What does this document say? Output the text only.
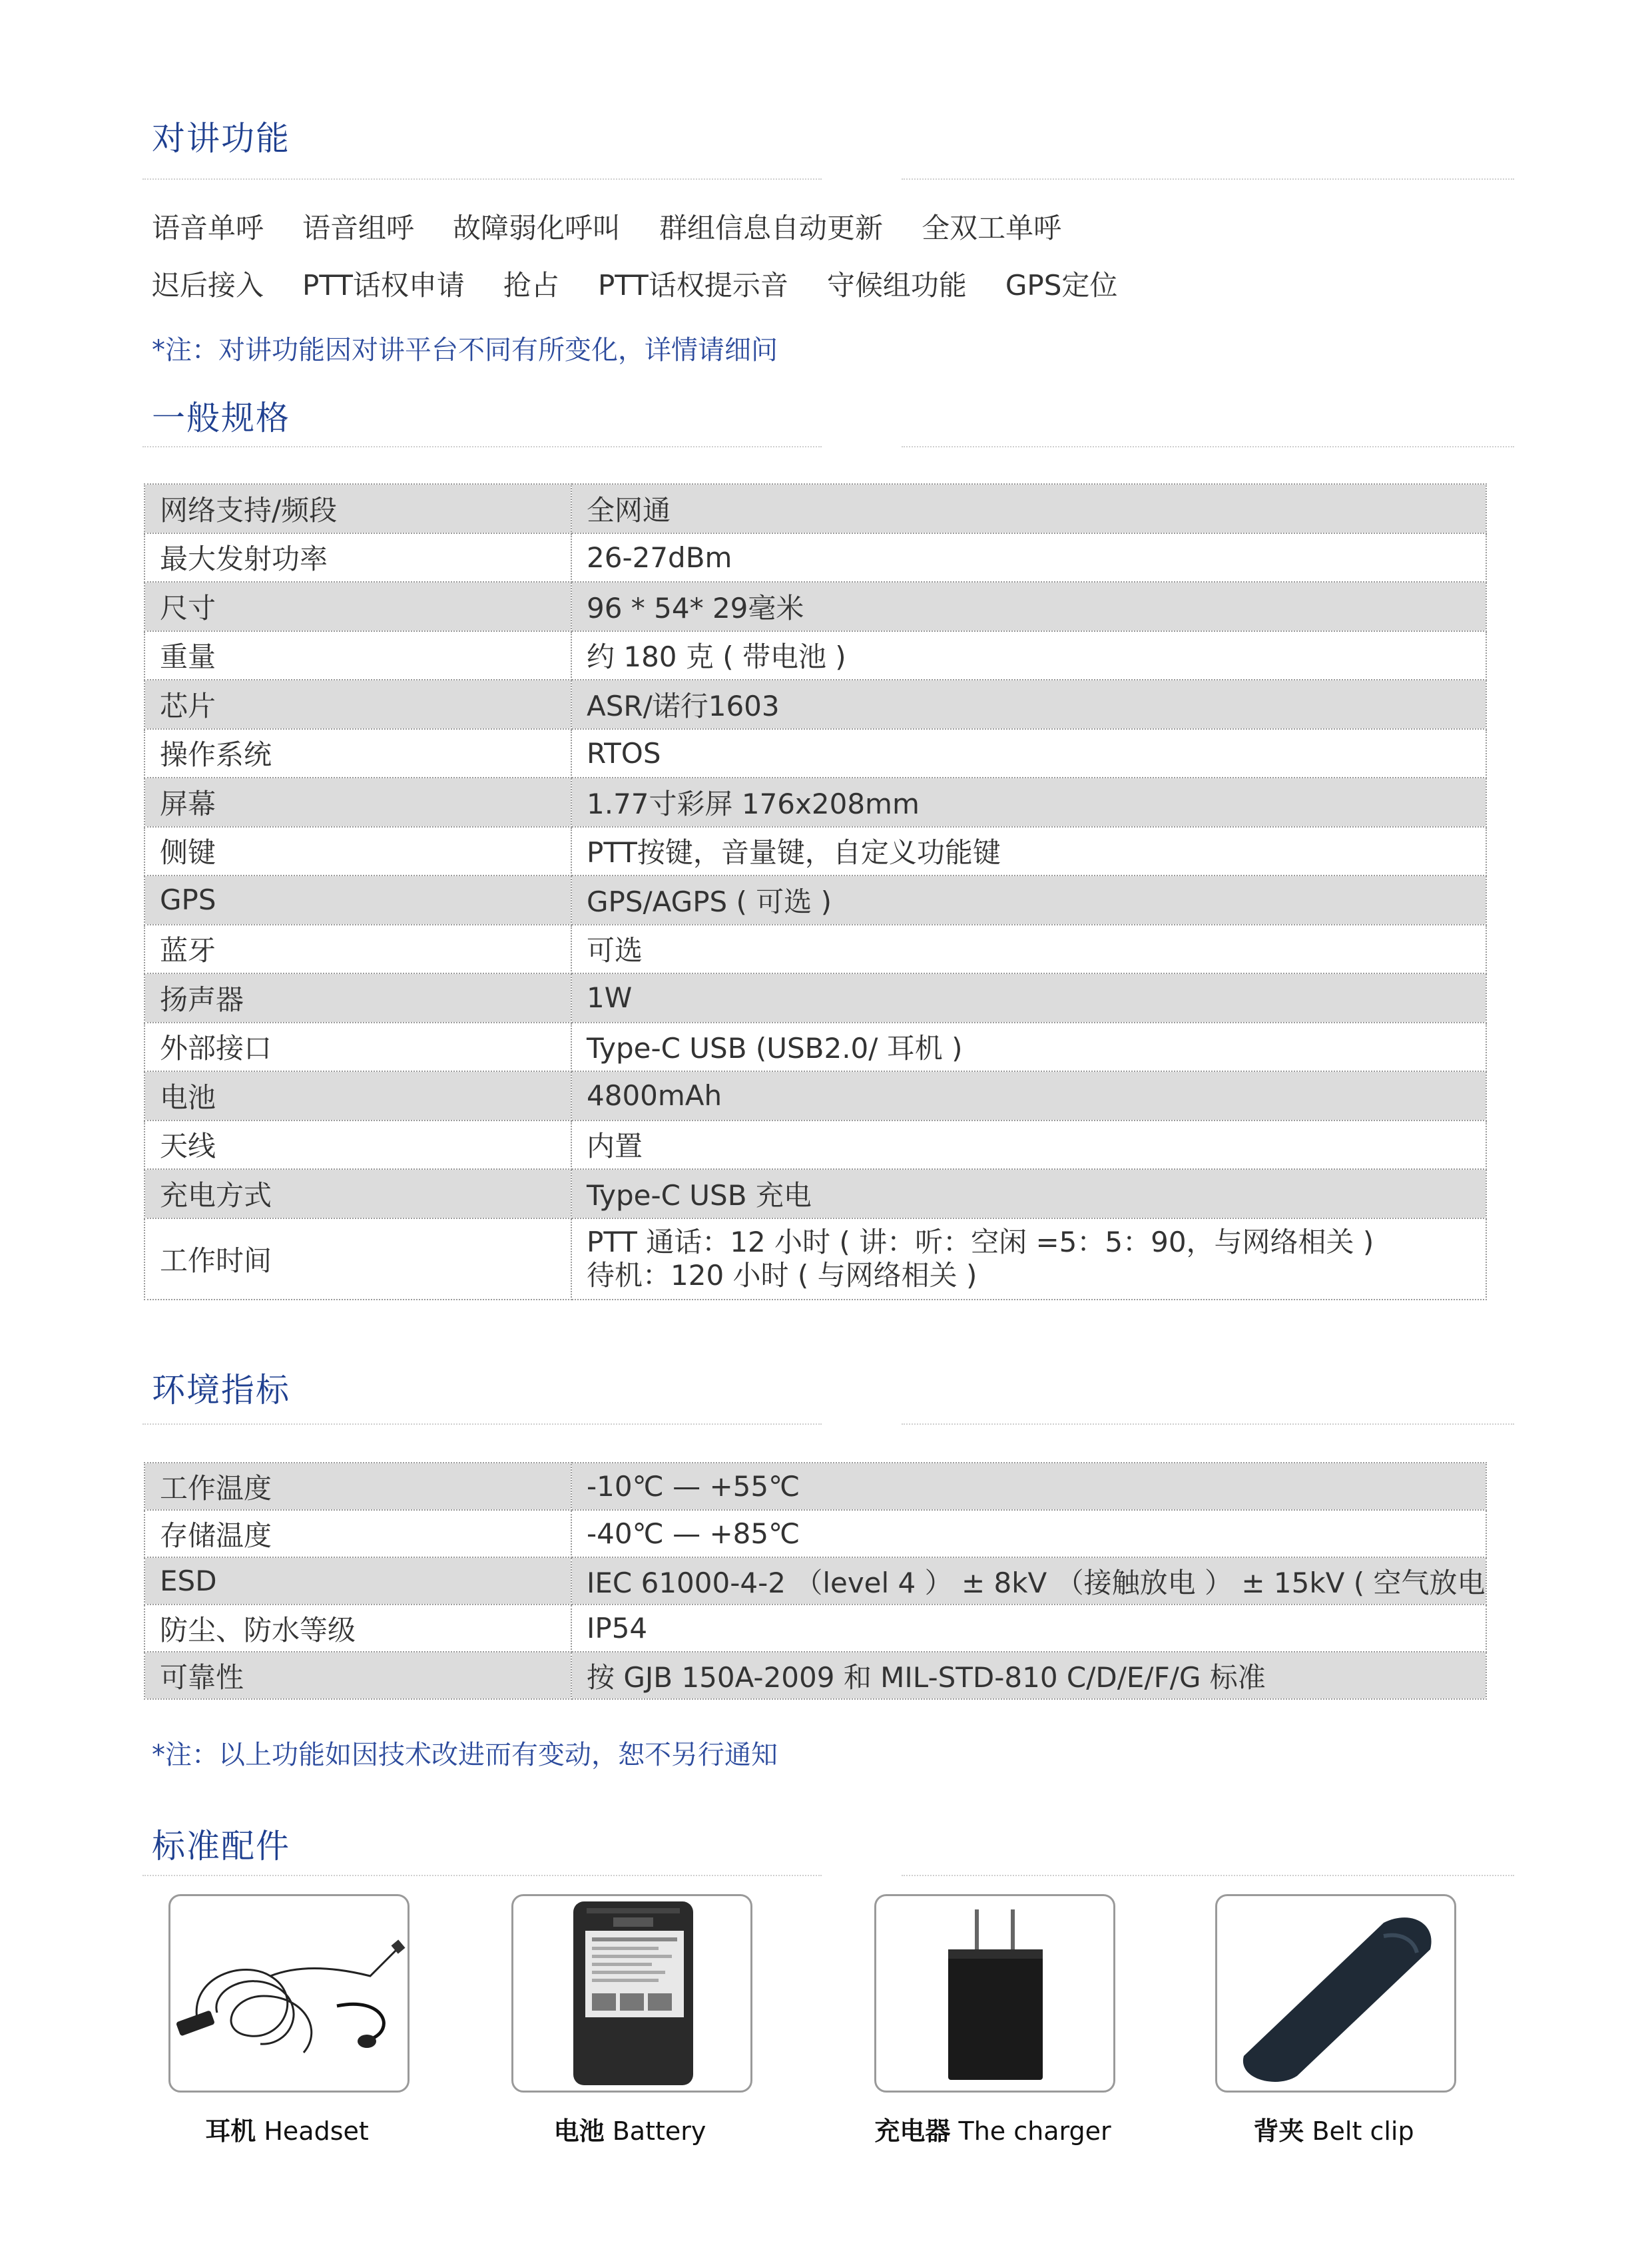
对讲功能
语音单呼 语音组呼 故障弱化呼叫 群组信息自动更新 全双工单呼
迟后接入 PTT话权申请 抢占 PTT话权提示音 守候组功能 GPS定位
*注：对讲功能因对讲平台不同有所变化，详情请细问
一般规格
网络支持/频段	全网通
最大发射功率	26-27dBm
尺寸	96 * 54* 29毫米
重量	约 180 克 ( 带电池 )
芯片	ASR/诺行1603
操作系统	RTOS
屏幕	1.77寸彩屏 176x208mm
侧键	PTT按键，音量键，自定义功能键
GPS	GPS/AGPS ( 可选 )
蓝牙	可选
扬声器	1W
外部接口	Type-C USB (USB2.0/ 耳机 )
电池	4800mAh
天线	内置
充电方式	Type-C USB 充电
工作时间	PTT 通话：12 小时 ( 讲：听：空闲 =5：5：90，与网络相关 )
待机：120 小时 ( 与网络相关 )
环境指标
工作温度	-10℃ — +55℃
存储温度	-40℃ — +85℃
ESD	IEC 61000-4-2 （level 4 ） ± 8kV （接触放电 ） ± 15kV ( 空气放电
防尘、防水等级	IP54
可靠性	按 GJB 150A-2009 和 MIL-STD-810 C/D/E/F/G 标准
*注：以上功能如因技术改进而有变动，恕不另行通知
标准配件
耳机 Headset	电池 Battery	充电器 The charger	背夹 Belt clip
